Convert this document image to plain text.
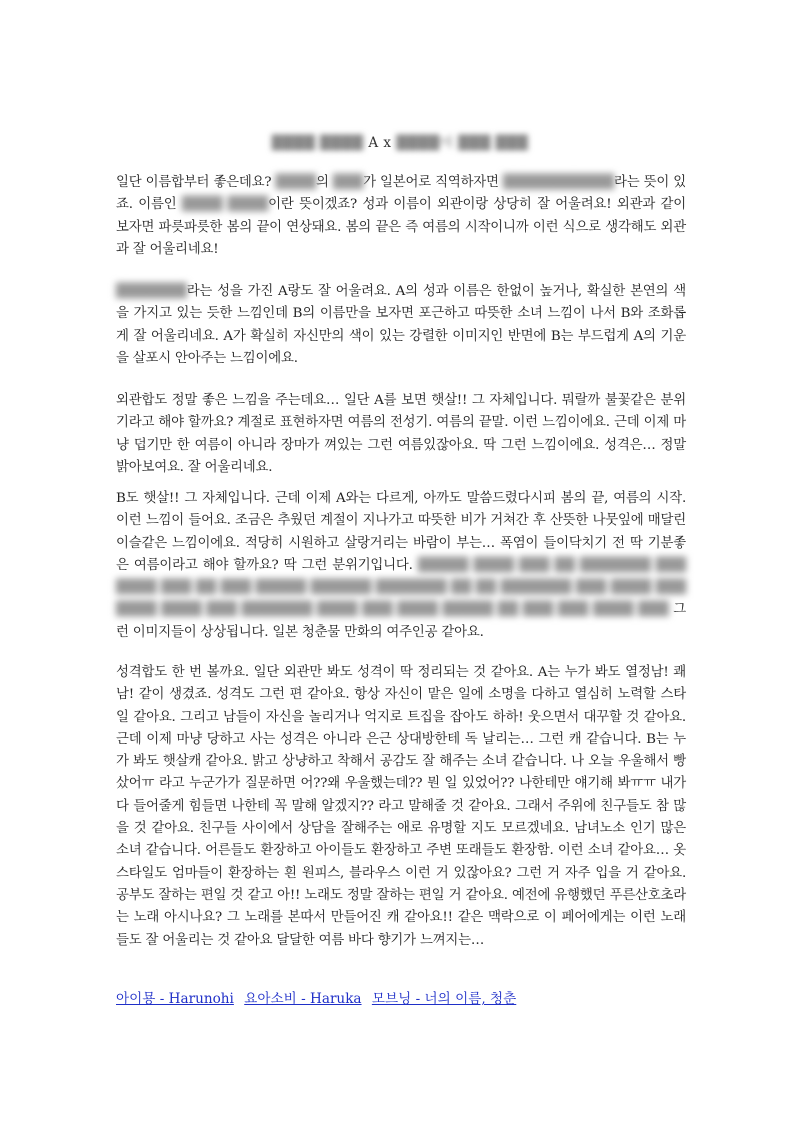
████ ████ A x ████에 ███ ███
일단 이름합부터 좋은데요? ████의 ███가 일본어로 직역하자면 ███████████라는 뜻이 있죠. 이름인 ████ ████이란 뜻이겠죠? 성과 이름이 외관이랑 상당히 잘 어울려요! 외관과 같이 보자면 파릇파릇한 봄의 끝이 연상돼요. 봄의 끝은 즉 여름의 시작이니까 이런 식으로 생각해도 외관과 잘 어울리네요!
███████라는 성을 가진 A랑도 잘 어울려요. A의 성과 이름은 한없이 높거나, 확실한 본연의 색을 가지고 있는 듯한 느낌인데 B의 이름만을 보자면 포근하고 따뜻한 소녀 느낌이 나서 B와 조화롭게 잘 어울리네요. A가 확실히 자신만의 색이 있는 강렬한 이미지인 반면에 B는 부드럽게 A의 기운을 살포시 안아주는 느낌이에요.
외관합도 정말 좋은 느낌을 주는데요… 일단 A를 보면 햇살!! 그 자체입니다. 뭐랄까 불꽃같은 분위기라고 해야 할까요? 계절로 표현하자면 여름의 전성기. 여름의 끝말. 이런 느낌이에요. 근데 이제 마냥 덥기만 한 여름이 아니라 장마가 껴있는 그런 여름있잖아요. 딱 그런 느낌이에요. 성격은… 정말 밝아보여요. 잘 어울리네요.
B도 햇살!! 그 자체입니다. 근데 이제 A와는 다르게, 아까도 말씀드렸다시피 봄의 끝, 여름의 시작. 이런 느낌이 들어요. 조금은 추웠던 계절이 지나가고 따뜻한 비가 거쳐간 후 산뜻한 나뭇잎에 매달린 이슬같은 느낌이에요. 적당히 시원하고 살랑거리는 바람이 부는… 폭염이 들이닥치기 전 딱 기분좋은 여름이라고 해야 할까요? 딱 그런 분위기입니다. █████ ████ ███ ██ ███████ ███ ████ ███ ██ ███ █████ ██████ ███████ ██ ██ ███████ ███ ████ ███ ████ ████ ███ ███████ ████ ███ ████ █████ ██ ███ ███ ████ ███ 그런 이미지들이 상상됩니다. 일본 청춘물 만화의 여주인공 같아요.
성격합도 한 번 볼까요. 일단 외관만 봐도 성격이 딱 정리되는 것 같아요. A는 누가 봐도 열정남! 쾌남! 같이 생겼죠. 성격도 그런 편 같아요. 항상 자신이 맡은 일에 소명을 다하고 열심히 노력할 스타일 같아요. 그리고 남들이 자신을 놀리거나 억지로 트집을 잡아도 하하! 웃으면서 대꾸할 것 같아요. 근데 이제 마냥 당하고 사는 성격은 아니라 은근 상대방한테 독 날리는… 그런 캐 같습니다. B는 누가 봐도 햇살캐 같아요. 밝고 상냥하고 착해서 공감도 잘 해주는 소녀 같습니다. 나 오늘 우울해서 빵 샀어ㅠ 라고 누군가가 질문하면 어??왜 우울했는데?? 뭔 일 있었어?? 나한테만 얘기해 봐ㅠㅠ 내가 다 들어줄게 힘들면 나한테 꼭 말해 알겠지?? 라고 말해줄 것 같아요. 그래서 주위에 친구들도 참 많을 것 같아요. 친구들 사이에서 상담을 잘해주는 애로 유명할 지도 모르겠네요. 남녀노소 인기 많은 소녀 같습니다. 어른들도 환장하고 아이들도 환장하고 주변 또래들도 환장함. 이런 소녀 같아요… 옷 스타일도 엄마들이 환장하는 흰 원피스, 블라우스 이런 거 있잖아요? 그런 거 자주 입을 거 같아요. 공부도 잘하는 편일 것 같고 아!! 노래도 정말 잘하는 편일 거 같아요. 예전에 유행했던 푸른산호초라는 노래 아시나요? 그 노래를 본따서 만들어진 캐 같아요!! 같은 맥락으로 이 페어에게는 이런 노래들도 잘 어울리는 것 같아요 달달한 여름 바다 향기가 느껴지는…
아이묭 - Harunohi 요아소비 - Haruka 모브닝 - 너의 이름, 청춘
